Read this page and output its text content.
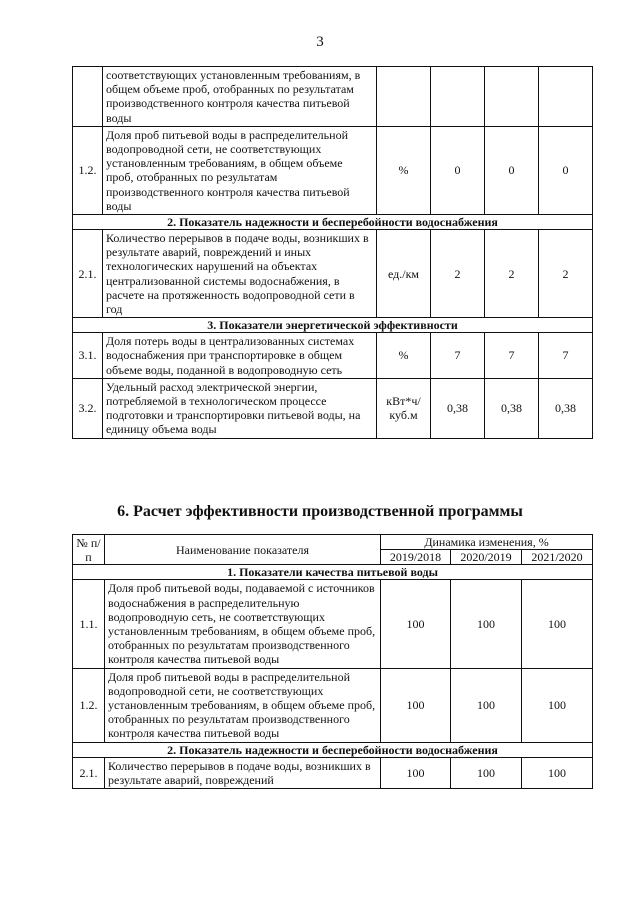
3
	соответствующих установленным требованиям, в общем объеме проб, отобранных по результатам производственного контроля качества питьевой воды				
1.2.	Доля проб питьевой воды в распределительной водопроводной сети, не соответствующих установленным требованиям, в общем объеме проб, отобранных по результатам производственного контроля качества питьевой воды	%	0	0	0
2. Показатель надежности и бесперебойности водоснабжения					
2.1.	Количество перерывов в подаче воды, возникших в результате аварий, повреждений и иных технологических нарушений на объектах централизованной системы водоснабжения, в расчете на протяженность водопроводной сети в год	ед./км	2	2	2
3. Показатели энергетической эффективности					
3.1.	Доля потерь воды в централизованных системах водоснабжения при транспортировке в общем объеме воды, поданной в водопроводную сеть	%	7	7	7
3.2.	Удельный расход электрической энергии, потребляемой в технологическом процессе подготовки и транспортировки питьевой воды, на единицу объема воды	кВт*ч/ куб.м	0,38	0,38	0,38
6. Расчет эффективности производственной программы
№ п/п	Наименование показателя	Динамика изменения, %		
		2019/2018	2020/2019	2021/2020
1. Показатели качества питьевой воды				
1.1.	Доля проб питьевой воды, подаваемой с источников водоснабжения в распределительную водопроводную сеть, не соответствующих установленным требованиям, в общем объеме проб, отобранных по результатам производственного контроля качества питьевой воды	100	100	100
1.2.	Доля проб питьевой воды в распределительной водопроводной сети, не соответствующих установленным требованиям, в общем объеме проб, отобранных по результатам производственного контроля качества питьевой воды	100	100	100
2. Показатель надежности и бесперебойности водоснабжения				
2.1.	Количество перерывов в подаче воды, возникших в результате аварий, повреждений	100	100	100
